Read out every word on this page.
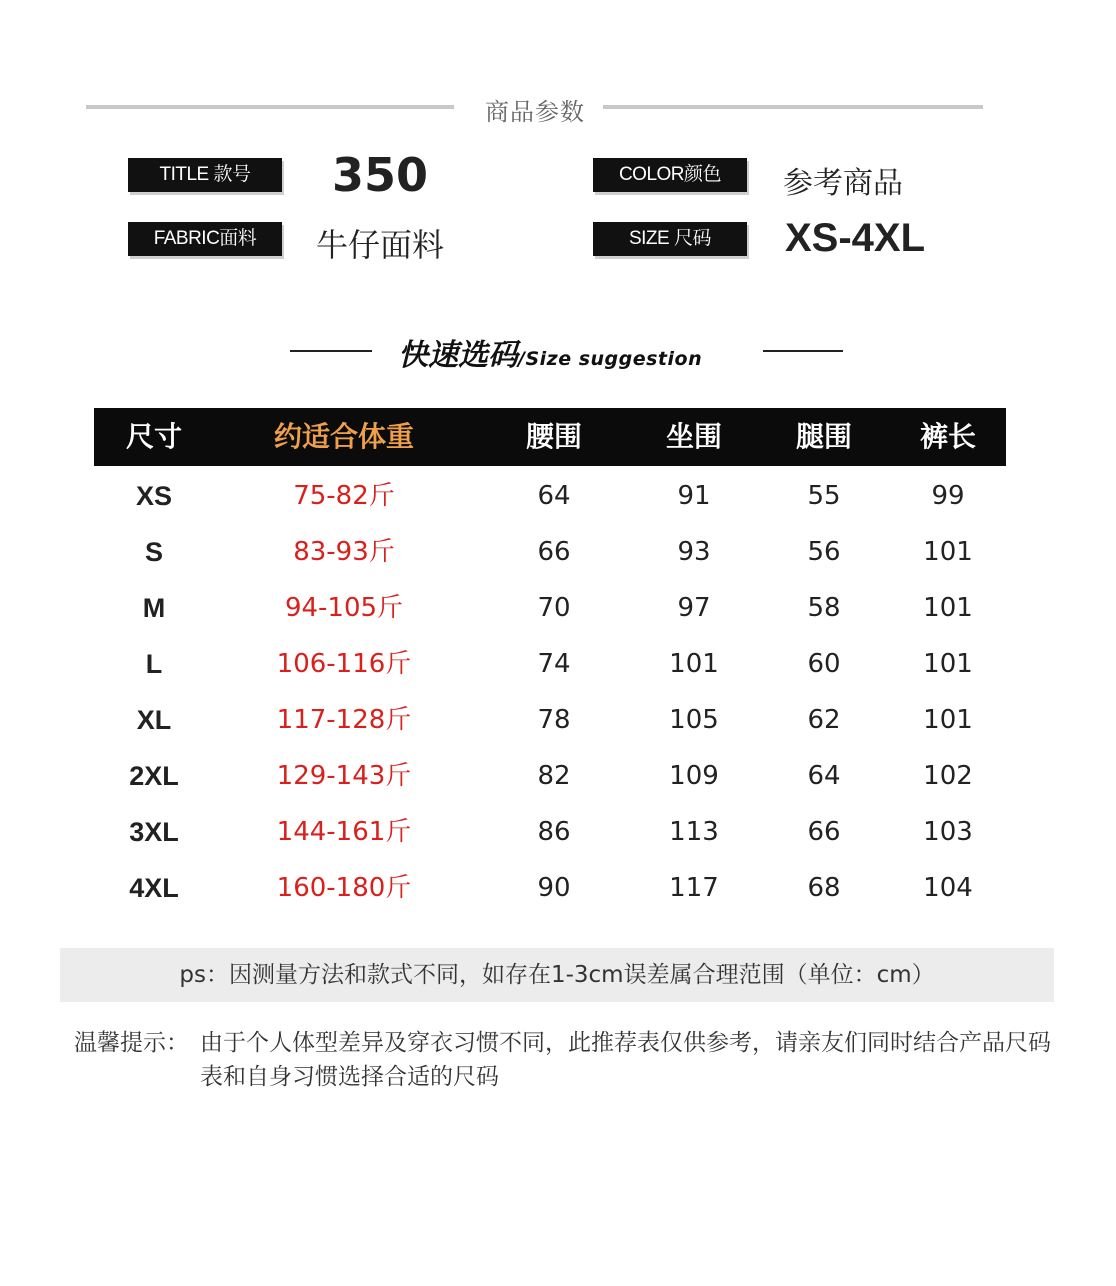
商品参数
TITLE 款号	350	COLOR颜色	参考商品
FABRIC面料	牛仔面料	SIZE 尺码	XS-4XL
快速选码/Size suggestion
尺寸	约适合体重	腰围	坐围	腿围	裤长
XS	75-82斤	64	91	55	99
S	83-93斤	66	93	56	101
M	94-105斤	70	97	58	101
L	106-116斤	74	101	60	101
XL	117-128斤	78	105	62	101
2XL	129-143斤	82	109	64	102
3XL	144-161斤	86	113	66	103
4XL	160-180斤	90	117	68	104
ps：因测量方法和款式不同，如存在1-3cm误差属合理范围（单位：cm）
温馨提示： 由于个人体型差异及穿衣习惯不同，此推荐表仅供参考，请亲友们同时结合产品尺码表和自身习惯选择合适的尺码
